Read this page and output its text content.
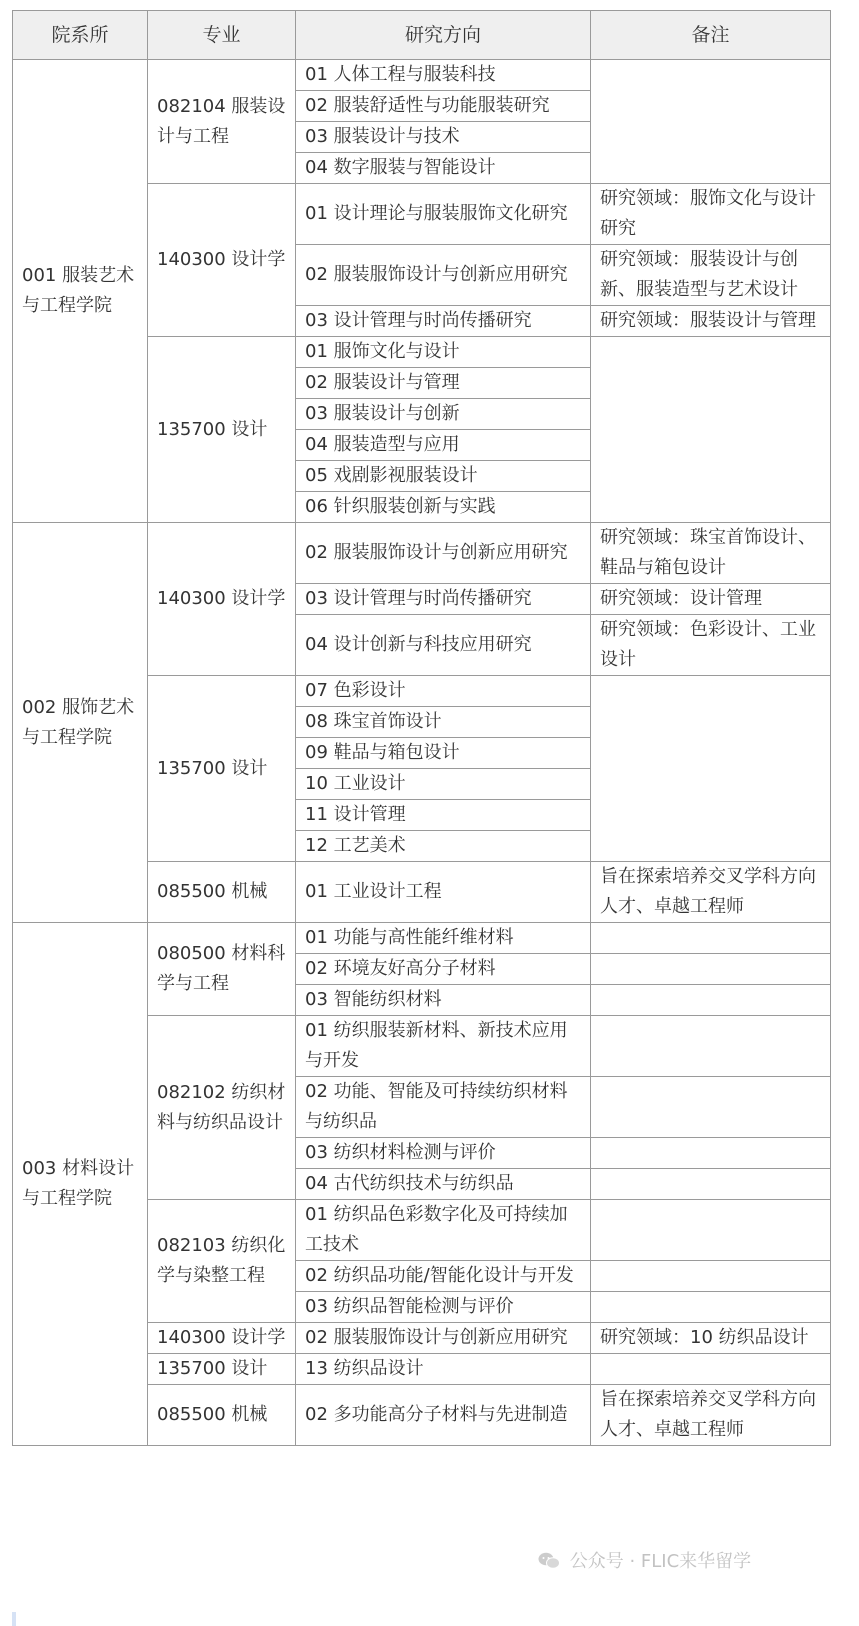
院系所	专业	研究方向	备注
001 服装艺术与工程学院	082104 服装设计与工程	01 人体工程与服装科技	
		02 服装舒适性与功能服装研究	
		03 服装设计与技术	
		04 数字服装与智能设计	
	140300 设计学	01 设计理论与服装服饰文化研究	研究领域：服饰文化与设计研究
		02 服装服饰设计与创新应用研究	研究领域：服装设计与创新、服装造型与艺术设计
		03 设计管理与时尚传播研究	研究领域：服装设计与管理
	135700 设计	01 服饰文化与设计	
		02 服装设计与管理	
		03 服装设计与创新	
		04 服装造型与应用	
		05 戏剧影视服装设计	
		06 针织服装创新与实践	
002 服饰艺术与工程学院	140300 设计学	02 服装服饰设计与创新应用研究	研究领域：珠宝首饰设计、鞋品与箱包设计
		03 设计管理与时尚传播研究	研究领域：设计管理
		04 设计创新与科技应用研究	研究领域：色彩设计、工业设计
	135700 设计	07 色彩设计	
		08 珠宝首饰设计	
		09 鞋品与箱包设计	
		10 工业设计	
		11 设计管理	
		12 工艺美术	
	085500 机械	01 工业设计工程	旨在探索培养交叉学科方向人才、卓越工程师
003 材料设计与工程学院	080500 材料科学与工程	01 功能与高性能纤维材料	
		02 环境友好高分子材料	
		03 智能纺织材料	
	082102 纺织材料与纺织品设计	01 纺织服装新材料、新技术应用与开发	
		02 功能、智能及可持续纺织材料与纺织品	
		03 纺织材料检测与评价	
		04 古代纺织技术与纺织品	
	082103 纺织化学与染整工程	01 纺织品色彩数字化及可持续加工技术	
		02 纺织品功能/智能化设计与开发	
		03 纺织品智能检测与评价	
	140300 设计学	02 服装服饰设计与创新应用研究	研究领域：10 纺织品设计
	135700 设计	13 纺织品设计	
	085500 机械	02 多功能高分子材料与先进制造	旨在探索培养交叉学科方向人才、卓越工程师
公众号 · FLIC来华留学
